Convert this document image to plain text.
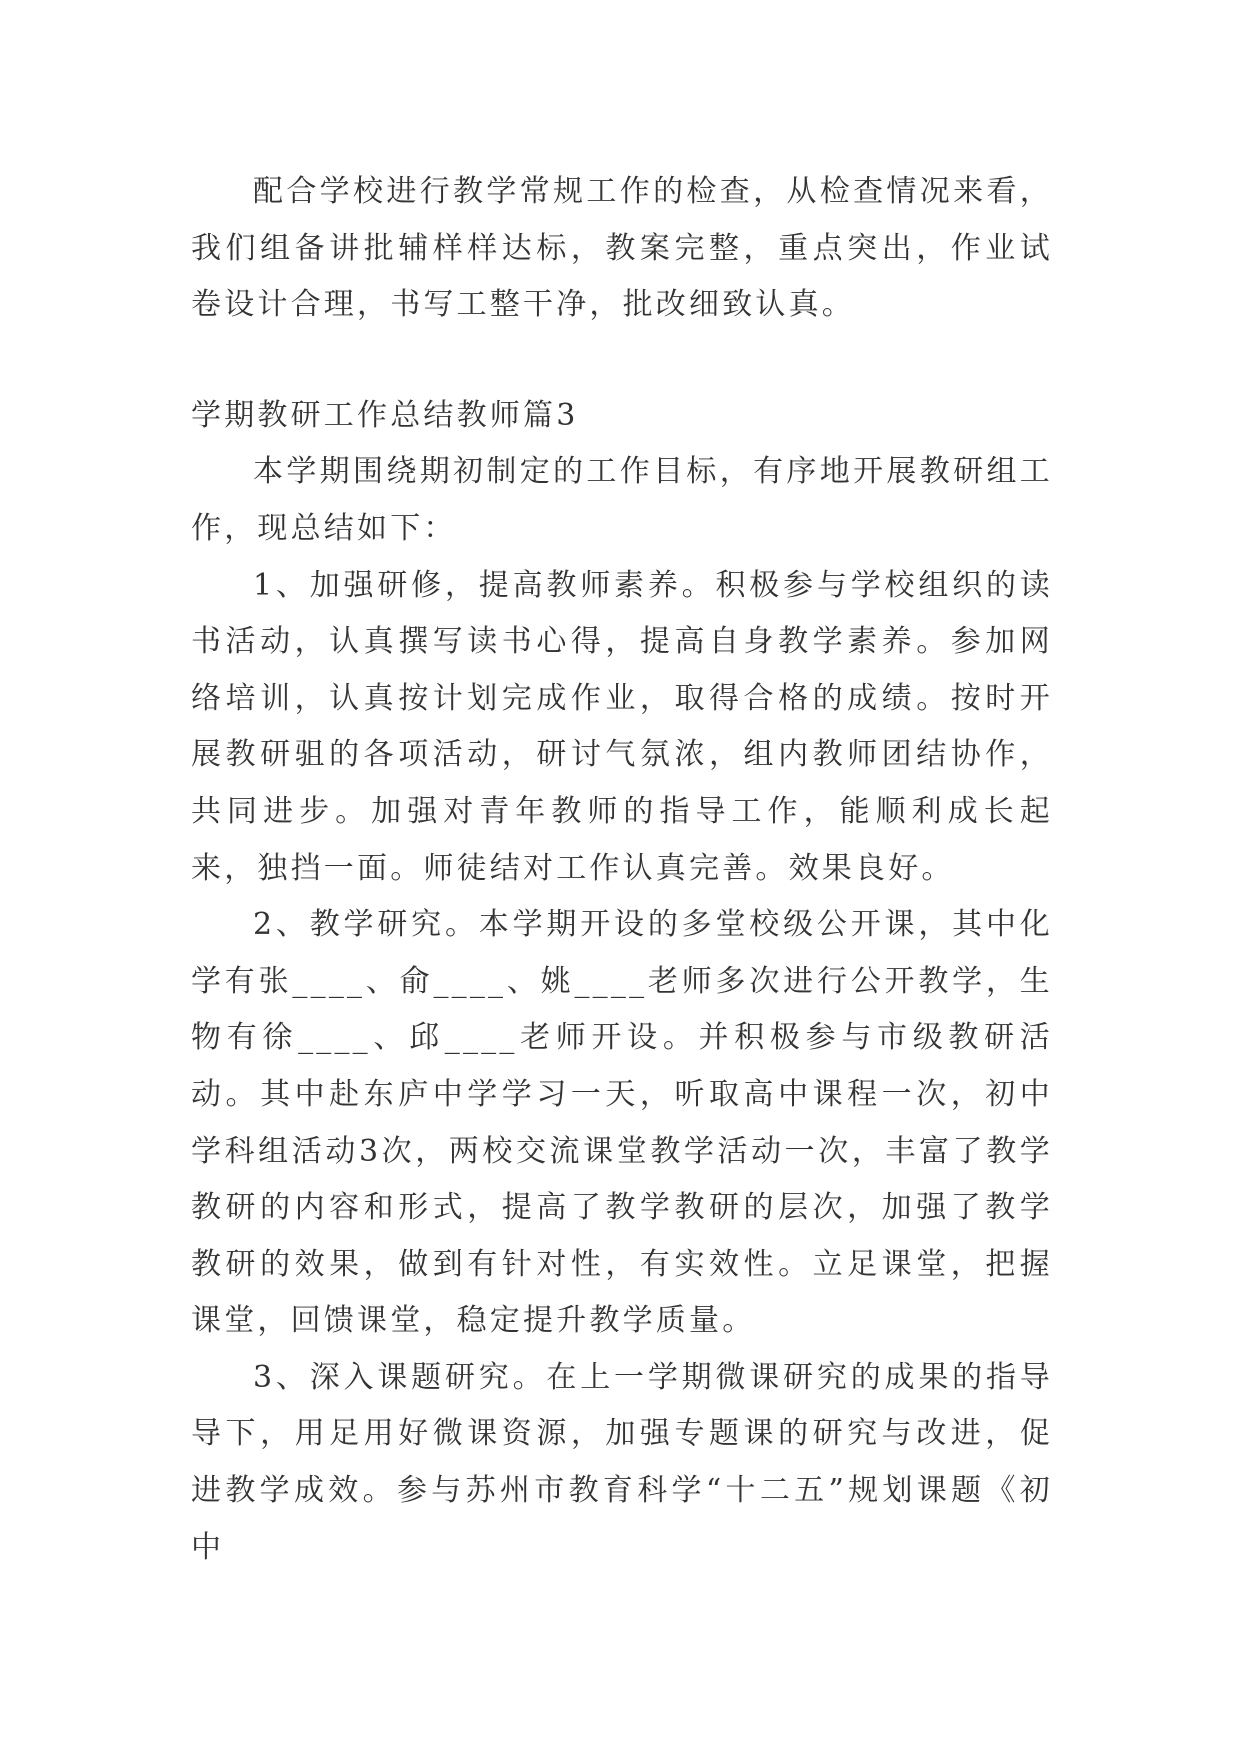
配合学校进行教学常规工作的检查，从检查情况来看，我们组备讲批辅样样达标，教案完整，重点突出，作业试卷设计合理，书写工整干净，批改细致认真。

学期教研工作总结教师篇3

本学期围绕期初制定的工作目标，有序地开展教研组工作，现总结如下：

1、加强研修，提高教师素养。积极参与学校组织的读书活动，认真撰写读书心得，提高自身教学素养。参加网络培训，认真按计划完成作业，取得合格的成绩。按时开展教研驵的各项活动，研讨气氛浓，组内教师团结协作，共同进步。加强对青年教师的指导工作，能顺利成长起来，独挡一面。师徒结对工作认真完善。效果良好。

2、教学研究。本学期开设的多堂校级公开课，其中化学有张____、俞____、姚____老师多次进行公开教学，生物有徐____、邱____老师开设。并积极参与市级教研活动。其中赴东庐中学学习一天，听取高中课程一次，初中学科组活动3次，两校交流课堂教学活动一次，丰富了教学教研的内容和形式，提高了教学教研的层次，加强了教学教研的效果，做到有针对性，有实效性。立足课堂，把握课堂，回馈课堂，稳定提升教学质量。

3、深入课题研究。在上一学期微课研究的成果的指导导下，用足用好微课资源，加强专题课的研究与改进，促进教学成效。参与苏州市教育科学“十二五”规划课题《初中
